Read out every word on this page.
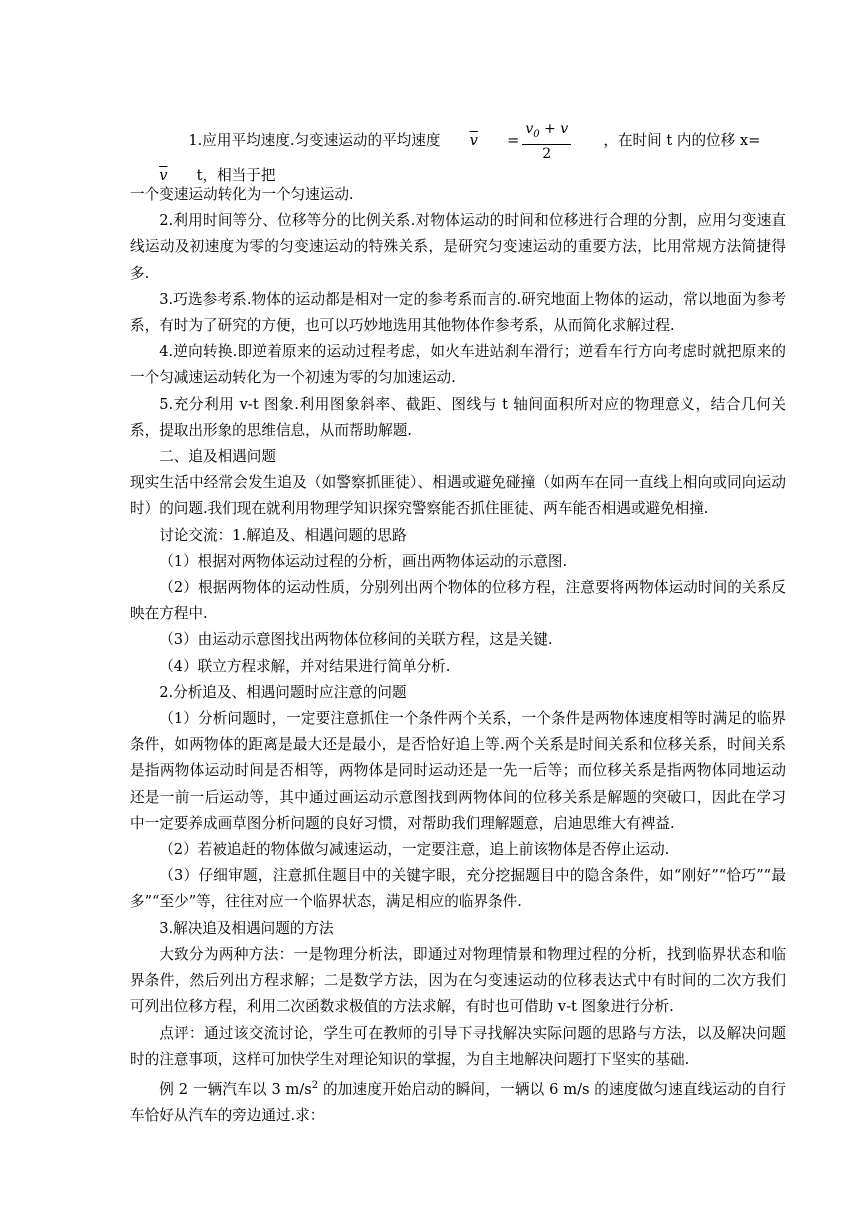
1.应用平均速度.匀变速运动的平均速度 $\overline{v} = \frac{v_0 + v}{2}$ ，在时间 t 内的位移 $x=\overline{v}$ t，相当于把

一个变速运动转化为一个匀速运动.

2.利用时间等分、位移等分的比例关系.对物体运动的时间和位移进行合理的分割，应用匀变速直线运动及初速度为零的匀变速运动的特殊关系，是研究匀变速运动的重要方法，比用常规方法简捷得多.

3.巧选参考系.物体的运动都是相对一定的参考系而言的.研究地面上物体的运动，常以地面为参考系，有时为了研究的方便，也可以巧妙地选用其他物体作参考系，从而简化求解过程.

4.逆向转换.即逆着原来的运动过程考虑，如火车进站刹车滑行；逆看车行方向考虑时就把原来的一个匀减速运动转化为一个初速为零的匀加速运动.

5.充分利用 v-t 图象.利用图象斜率、截距、图线与 t 轴间面积所对应的物理意义，结合几何关系，提取出形象的思维信息，从而帮助解题.

二、追及相遇问题

现实生活中经常会发生追及（如警察抓匪徒）、相遇或避免碰撞（如两车在同一直线上相向或同向运动时）的问题.我们现在就利用物理学知识探究警察能否抓住匪徒、两车能否相遇或避免相撞.

讨论交流：1.解追及、相遇问题的思路

（1）根据对两物体运动过程的分析，画出两物体运动的示意图.

（2）根据两物体的运动性质，分别列出两个物体的位移方程，注意要将两物体运动时间的关系反映在方程中.

（3）由运动示意图找出两物体位移间的关联方程，这是关键.

（4）联立方程求解，并对结果进行简单分析.

2.分析追及、相遇问题时应注意的问题

（1）分析问题时，一定要注意抓住一个条件两个关系，一个条件是两物体速度相等时满足的临界条件，如两物体的距离是最大还是最小，是否恰好追上等.两个关系是时间关系和位移关系，时间关系是指两物体运动时间是否相等，两物体是同时运动还是一先一后等；而位移关系是指两物体同地运动还是一前一后运动等，其中通过画运动示意图找到两物体间的位移关系是解题的突破口，因此在学习中一定要养成画草图分析问题的良好习惯，对帮助我们理解题意，启迪思维大有裨益.

（2）若被追赶的物体做匀减速运动，一定要注意，追上前该物体是否停止运动.

（3）仔细审题，注意抓住题目中的关键字眼，充分挖掘题目中的隐含条件，如“刚好”“恰巧”“最多”“至少”等，往往对应一个临界状态，满足相应的临界条件.

3.解决追及相遇问题的方法

大致分为两种方法：一是物理分析法，即通过对物理情景和物理过程的分析，找到临界状态和临界条件，然后列出方程求解；二是数学方法，因为在匀变速运动的位移表达式中有时间的二次方我们可列出位移方程，利用二次函数求极值的方法求解，有时也可借助 v-t 图象进行分析.

点评：通过该交流讨论，学生可在教师的引导下寻找解决实际问题的思路与方法，以及解决问题时的注意事项，这样可加快学生对理论知识的掌握，为自主地解决问题打下坚实的基础.

例 2 一辆汽车以 3 $m/s^2$ 的加速度开始启动的瞬间，一辆以 6 m/s 的速度做匀速直线运动的自行车恰好从汽车的旁边通过.求：
